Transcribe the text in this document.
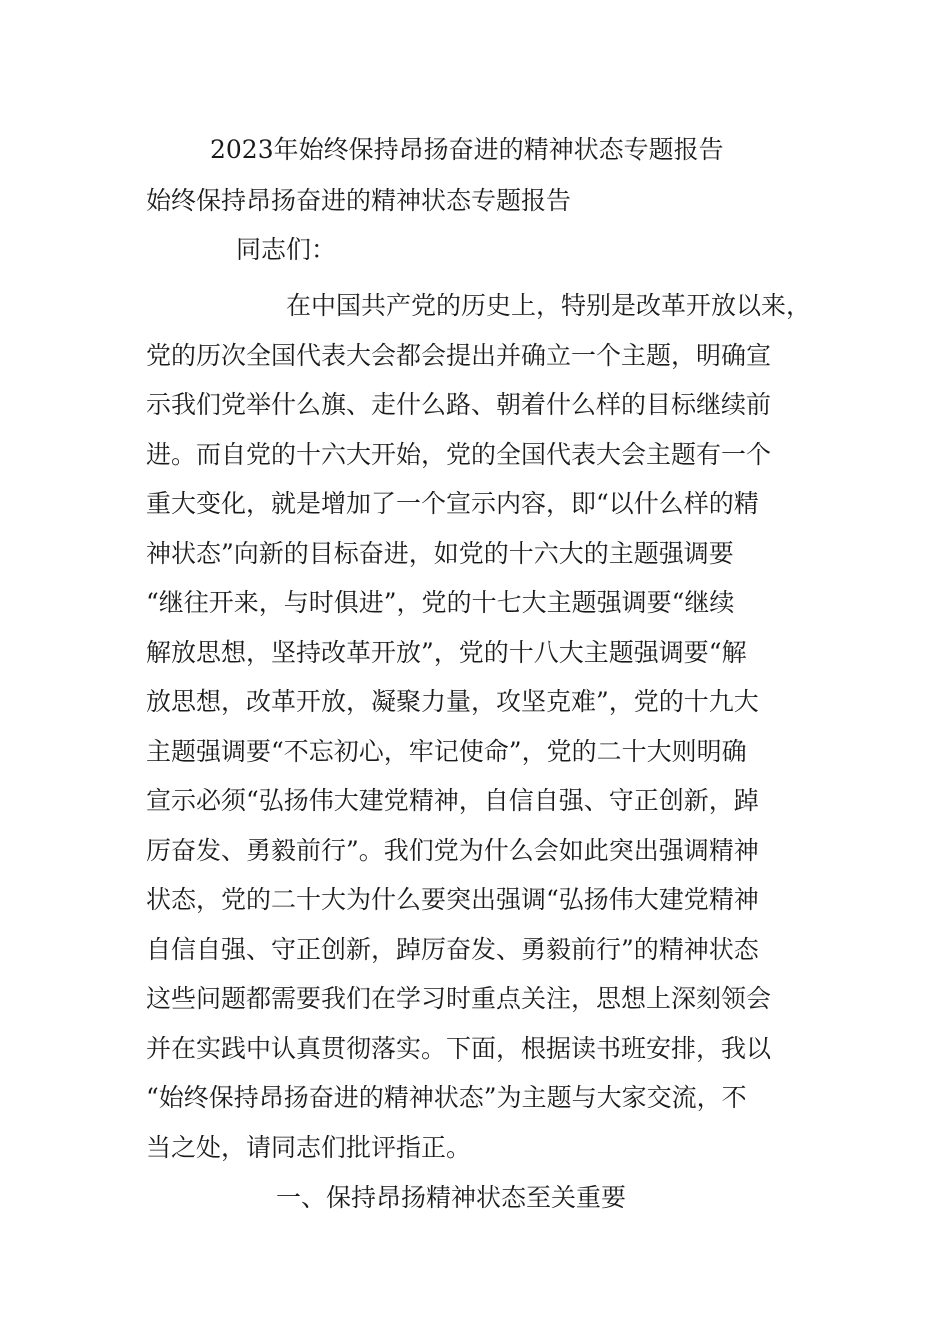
2023年始终保持昂扬奋进的精神状态专题报告
始终保持昂扬奋进的精神状态专题报告
同志们：
在中国共产党的历史上，特别是改革开放以来，
党的历次全国代表大会都会提出并确立一个主题，明确宣
示我们党举什么旗、走什么路、朝着什么样的目标继续前
进。而自党的十六大开始，党的全国代表大会主题有一个
重大变化，就是增加了一个宣示内容，即“以什么样的精
神状态”向新的目标奋进，如党的十六大的主题强调要
“继往开来，与时俱进”，党的十七大主题强调要“继续
解放思想，坚持改革开放”，党的十八大主题强调要“解
放思想，改革开放，凝聚力量，攻坚克难”，党的十九大
主题强调要“不忘初心，牢记使命”，党的二十大则明确
宣示必须“弘扬伟大建党精神，自信自强、守正创新，踔
厉奋发、勇毅前行”。我们党为什么会如此突出强调精神
状态，党的二十大为什么要突出强调“弘扬伟大建党精神
自信自强、守正创新，踔厉奋发、勇毅前行”的精神状态
这些问题都需要我们在学习时重点关注，思想上深刻领会
并在实践中认真贯彻落实。下面，根据读书班安排，我以
“始终保持昂扬奋进的精神状态”为主题与大家交流，不
当之处，请同志们批评指正。
一、保持昂扬精神状态至关重要
